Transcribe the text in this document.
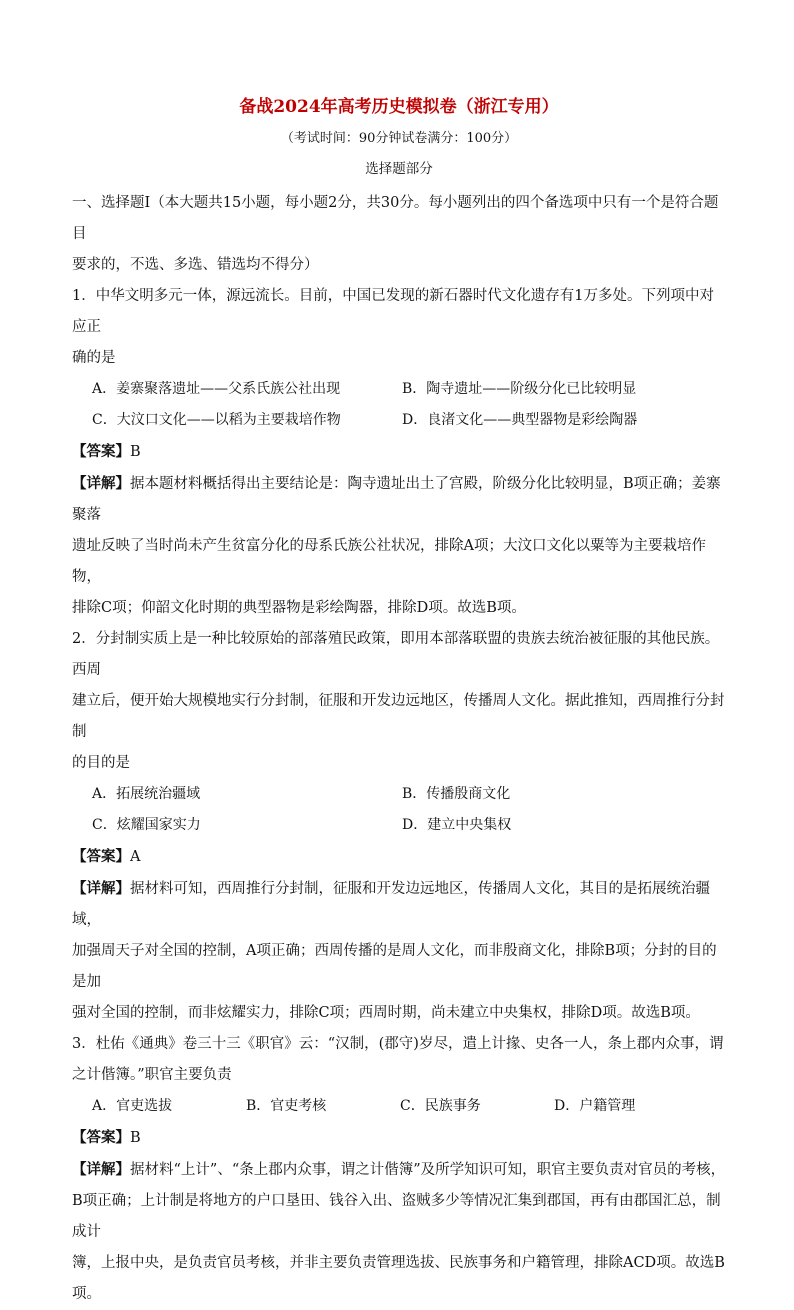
备战2024年高考历史模拟卷（浙江专用）
（考试时间：90分钟试卷满分：100分）
选择题部分

一、选择题Ⅰ（本大题共15小题，每小题2分，共30分。每小题列出的四个备选项中只有一个是符合题目

要求的，不选、多选、错选均不得分）

1．中华文明多元一体，源远流长。目前，中国已发现的新石器时代文化遗存有1万多处。下列项中对应正

确的是

A．姜寨聚落遗址——父系氏族公社出现	B．陶寺遗址——阶级分化已比较明显
C．大汶口文化——以稻为主要栽培作物	D．良渚文化——典型器物是彩绘陶器

【答案】B

【详解】据本题材料概括得出主要结论是：陶寺遗址出土了宫殿，阶级分化比较明显，B项正确；姜寨聚落

遗址反映了当时尚未产生贫富分化的母系氏族公社状况，排除A项；大汶口文化以粟等为主要栽培作物，

排除C项；仰韶文化时期的典型器物是彩绘陶器，排除D项。故选B项。

2．分封制实质上是一种比较原始的部落殖民政策，即用本部落联盟的贵族去统治被征服的其他民族。西周

建立后，便开始大规模地实行分封制，征服和开发边远地区，传播周人文化。据此推知，西周推行分封制

的目的是

A．拓展统治疆域	B．传播殷商文化
C．炫耀国家实力	D．建立中央集权

【答案】A

【详解】据材料可知，西周推行分封制，征服和开发边远地区，传播周人文化，其目的是拓展统治疆域，

加强周天子对全国的控制，A项正确；西周传播的是周人文化，而非殷商文化，排除B项；分封的目的是加

强对全国的控制，而非炫耀实力，排除C项；西周时期，尚未建立中央集权，排除D项。故选B项。

3．杜佑《通典》卷三十三《职官》云：“汉制，(郡守)岁尽，遣上计掾、史各一人，条上郡内众事，谓

之计偕簿。”职官主要负责

A．官吏选拔	B．官吏考核	C．民族事务	D．户籍管理

【答案】B

【详解】据材料“上计”、“条上郡内众事，谓之计偕簿”及所学知识可知，职官主要负责对官员的考核，

B项正确；上计制是将地方的户口垦田、钱谷入出、盗贼多少等情况汇集到郡国，再有由郡国汇总，制成计

簿，上报中央，是负责官员考核，并非主要负责管理选拔、民族事务和户籍管理，排除ACD项。故选B项。
